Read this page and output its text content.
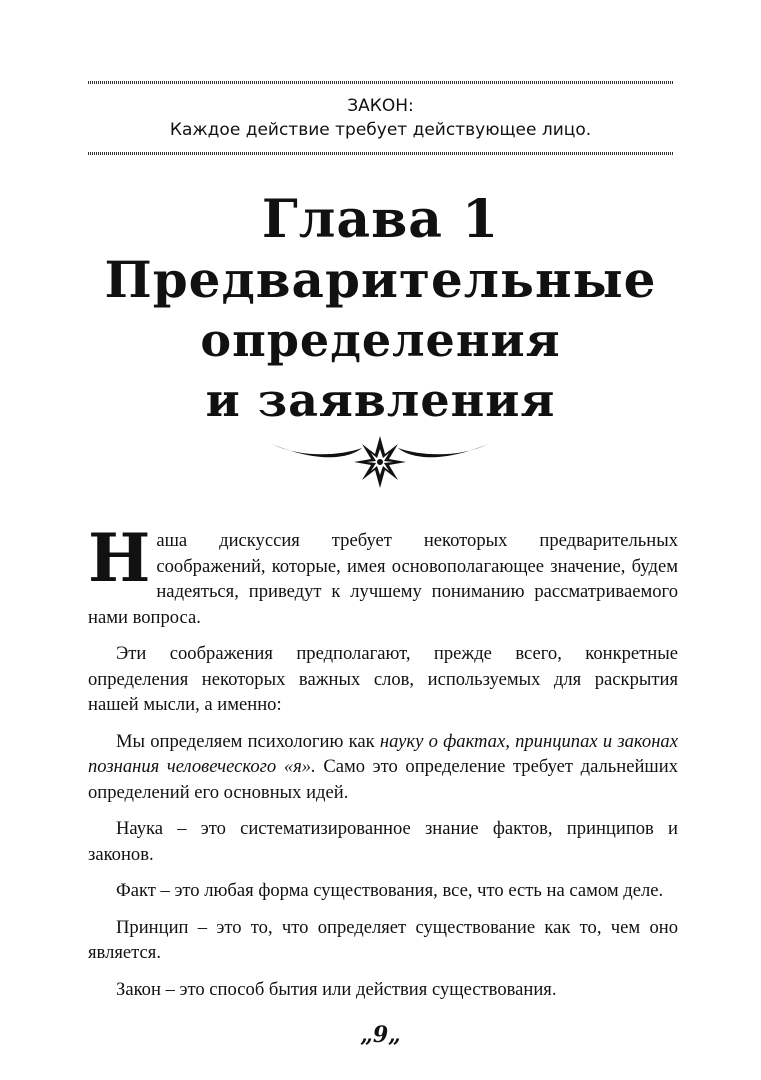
ЗАКОН:
Каждое действие требует действующее лицо.
Глава 1
Предварительные
определения
и заявления

Наша дискуссия требует некоторых предварительных соображений, которые, имея основополагающее значение, будем надеяться, приведут к лучшему пониманию рассматриваемого нами вопроса.

Эти соображения предполагают, прежде всего, конкретные определения некоторых важных слов, используемых для раскрытия нашей мысли, а именно:

Мы определяем психологию как науку о фактах, принципах и законах познания человеческого «я». Само это определение требует дальнейших определений его основных идей.

Наука – это систематизированное знание фактов, принципов и законов.

Факт – это любая форма существования, все, что есть на самом деле.

Принцип – это то, что определяет существование как то, чем оно является.

Закон – это способ бытия или действия существования.

„9„
